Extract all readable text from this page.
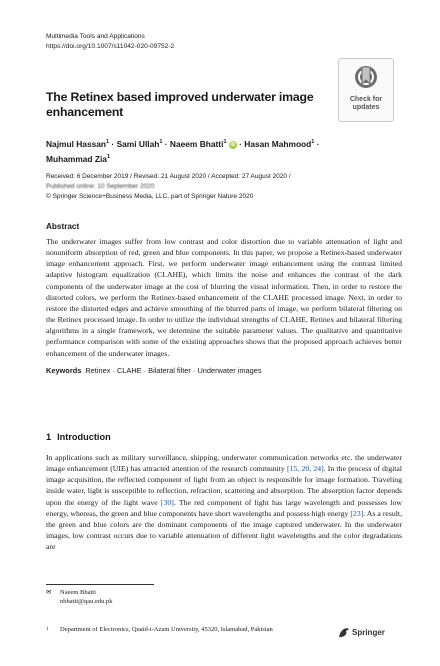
Multimedia Tools and Applications
https://doi.org/10.1007/s11042-020-09752-2
Check for
updates
The Retinex based improved underwater image enhancement
Najmul Hassan$^1$ · Sami Ullah$^1$ · Naeem Bhatti$^1$ iD · Hasan Mahmood$^1$ ·
Muhammad Zia$^1$
Received: 6 December 2019 / Revised: 21 August 2020 / Accepted: 27 August 2020 /
Published online: 10 September 2020
© Springer Science+Business Media, LLC, part of Springer Nature 2020
Abstract
The underwater images suffer from low contrast and color distortion due to variable attenuation of light and nonuniform absorption of red, green and blue components. In this paper, we propose a Retinex-based underwater image enhancement approach. First, we perform underwater image enhancement using the contrast limited adaptive histogram equalization (CLAHE), which limits the noise and enhances the contrast of the dark components of the underwater image at the cost of blurring the visual information. Then, in order to restore the distorted colors, we perform the Retinex-based enhancement of the CLAHE processed image. Next, in order to restore the distorted edges and achieve smoothing of the blurred parts of image, we perform bilateral filtering on the Retinex processed image. In order to utilize the individual strengths of CLAHE, Retinex and bilateral filtering algorithms in a single framework, we determine the suitable parameter values. The qualitative and quantitative performance comparison with some of the existing approaches shows that the proposed approach achieves better enhancement of the underwater images.
Keywords Retinex · CLAHE · Bilateral filter · Underwater images
1 Introduction
In applications such as military surveillance, shipping, underwater communication networks etc. the underwater image enhancement (UIE) has attracted attention of the research community [15, 20, 24]. In the process of digital image acquisition, the reflected component of light from an object is responsible for image formation. Traveling inside water, light is susceptible to reflection, refraction, scattering and absorption. The absorption factor depends upon the energy of the light wave [30]. The red component of light has large wavelength and possesses low energy, whereas, the green and blue components have short wavelengths and possess high energy [23]. As a result, the green and blue colors are the dominant components of the image captured underwater. In the underwater images, low contrast occurs due to variable attenuation of different light wavelengths and the color degradations are
✉	Naeem Bhatti
nbhatti@qau.edu.pk
1	Department of Electronics, Quaid-i-Azam University, 45320, Islamabad, Pakistan	Springer
